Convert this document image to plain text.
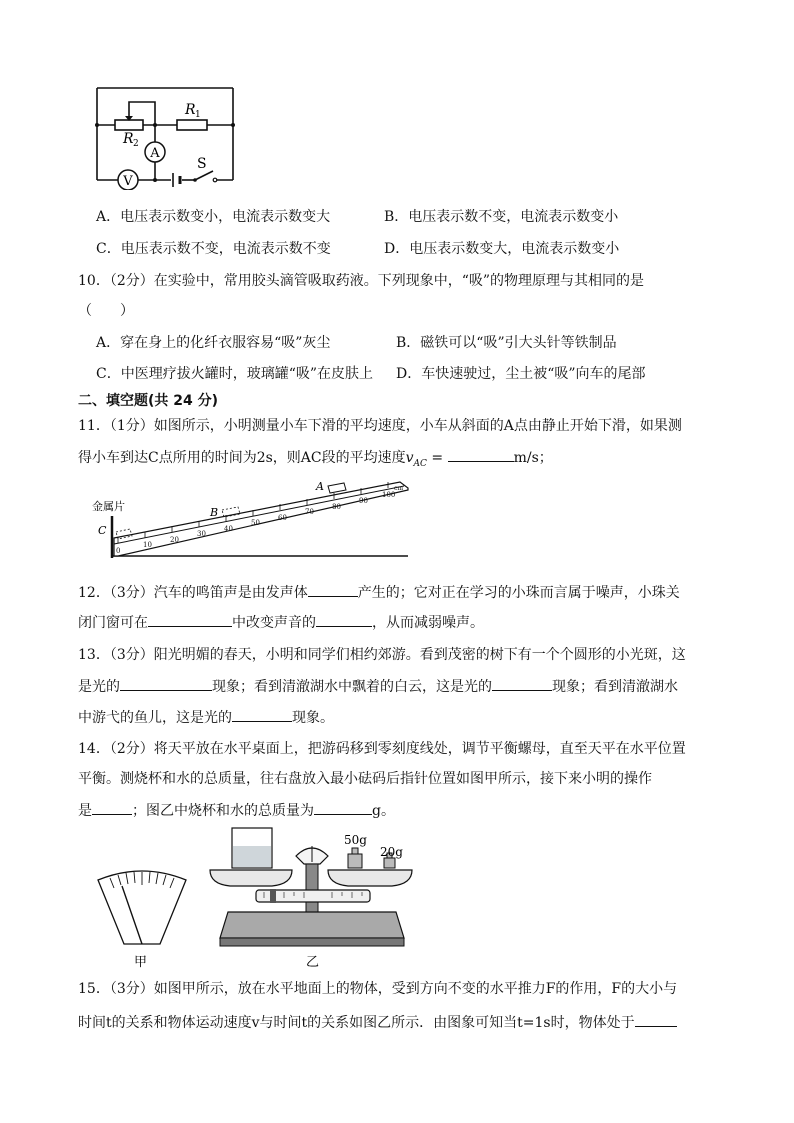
A
V
R 1
R 2
S
A．电压表示数变小，电流表示数变大	B．电压表示数不变，电流表示数变小
C．电压表示数不变，电流表示数不变	D．电压表示数变大，电流表示数变小
10．（2分）在实验中，常用胶头滴管吸取药液。下列现象中，“吸”的物理原理与其相同的是
（　　）
A．穿在身上的化纤衣服容易“吸”灰尘	B．磁铁可以“吸”引大头针等铁制品
C．中医理疗拔火罐时，玻璃罐“吸”在皮肤上 D．车快速驶过，尘土被“吸”向车的尾部
二、填空题(共 24 分)
11．（1分）如图所示，小明测量小车下滑的平均速度，小车从斜面的A点由静止开始下滑，如果测
得小车到达C点所用的时间为2s，则AC段的平均速度$v_{AC}$ =	m/s；
0
10
20
30
40
50
60
70
80
90
100
cm
A
B
C
金属片
12．（3分）汽车的鸣笛声是由发声体	产生的；它对正在学习的小珠而言属于噪声，小珠关
闭门窗可在	中改变声音的	，从而减弱噪声。
13．（3分）阳光明媚的春天，小明和同学们相约郊游。看到茂密的树下有一个个圆形的小光斑，这
是光的	现象；看到清澈湖水中飘着的白云，这是光的	现象；看到清澈湖水
中游弋的鱼儿，这是光的	现象。
14．（2分）将天平放在水平桌面上，把游码移到零刻度线处，调节平衡螺母，直至天平在水平位置
平衡。测烧杯和水的总质量，往右盘放入最小砝码后指针位置如图甲所示，接下来小明的操作
是	；图乙中烧杯和水的总质量为	g。
甲
50g
20g
乙
15．（3分）如图甲所示，放在水平地面上的物体，受到方向不变的水平推力F的作用，F的大小与
时间t的关系和物体运动速度v与时间t的关系如图乙所示．由图象可知当t=1s时，物体处于
